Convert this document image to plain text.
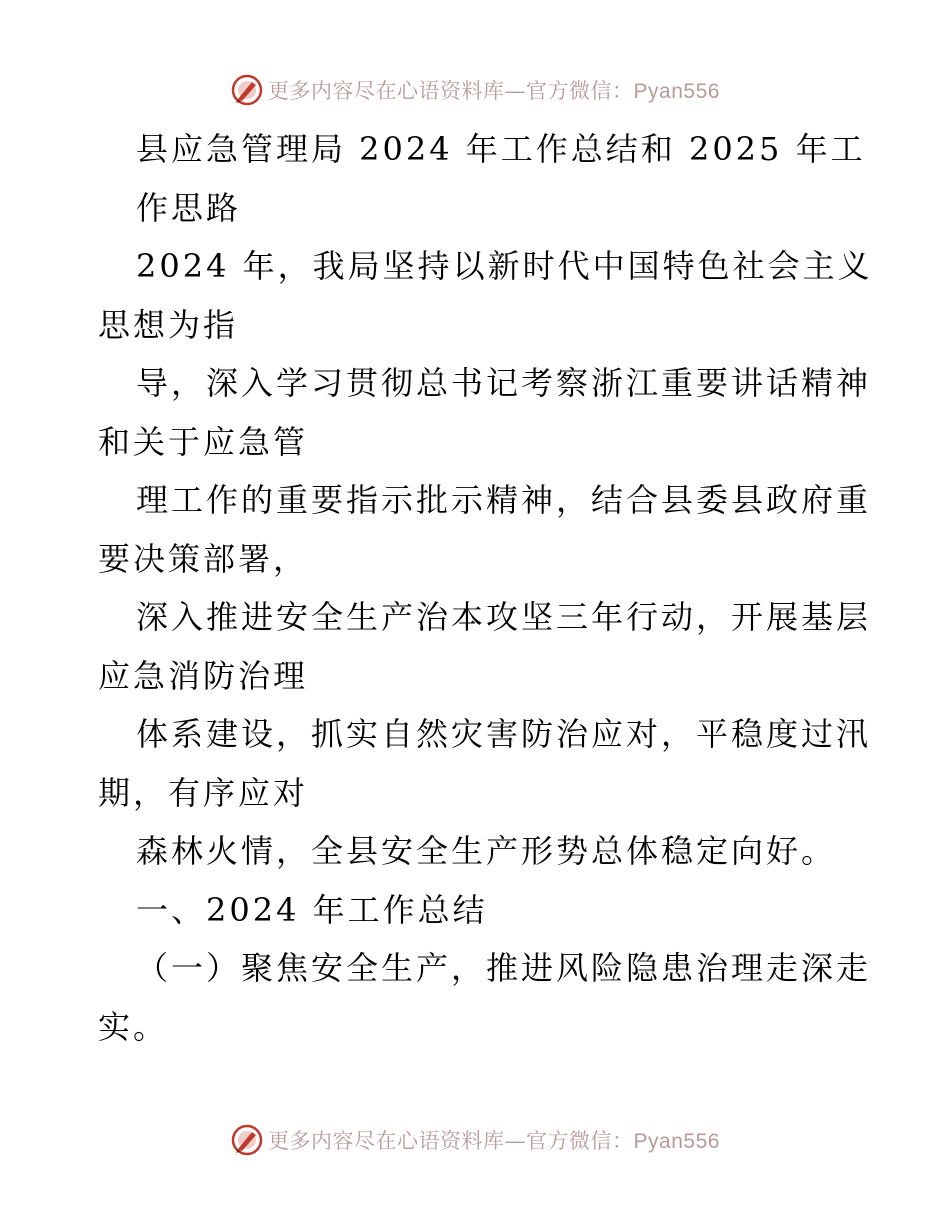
更多内容尽在心语资料库—官方微信：Pyan556
县应急管理局 2024 年工作总结和 2025 年工
作思路
2024 年，我局坚持以新时代中国特色社会主义
思想为指
导，深入学习贯彻总书记考察浙江重要讲话精神
和关于应急管
理工作的重要指示批示精神，结合县委县政府重
要决策部署，
深入推进安全生产治本攻坚三年行动，开展基层
应急消防治理
体系建设，抓实自然灾害防治应对，平稳度过汛
期，有序应对
森林火情，全县安全生产形势总体稳定向好。
一、2024 年工作总结
（一）聚焦安全生产，推进风险隐患治理走深走
实。
更多内容尽在心语资料库—官方微信：Pyan556
